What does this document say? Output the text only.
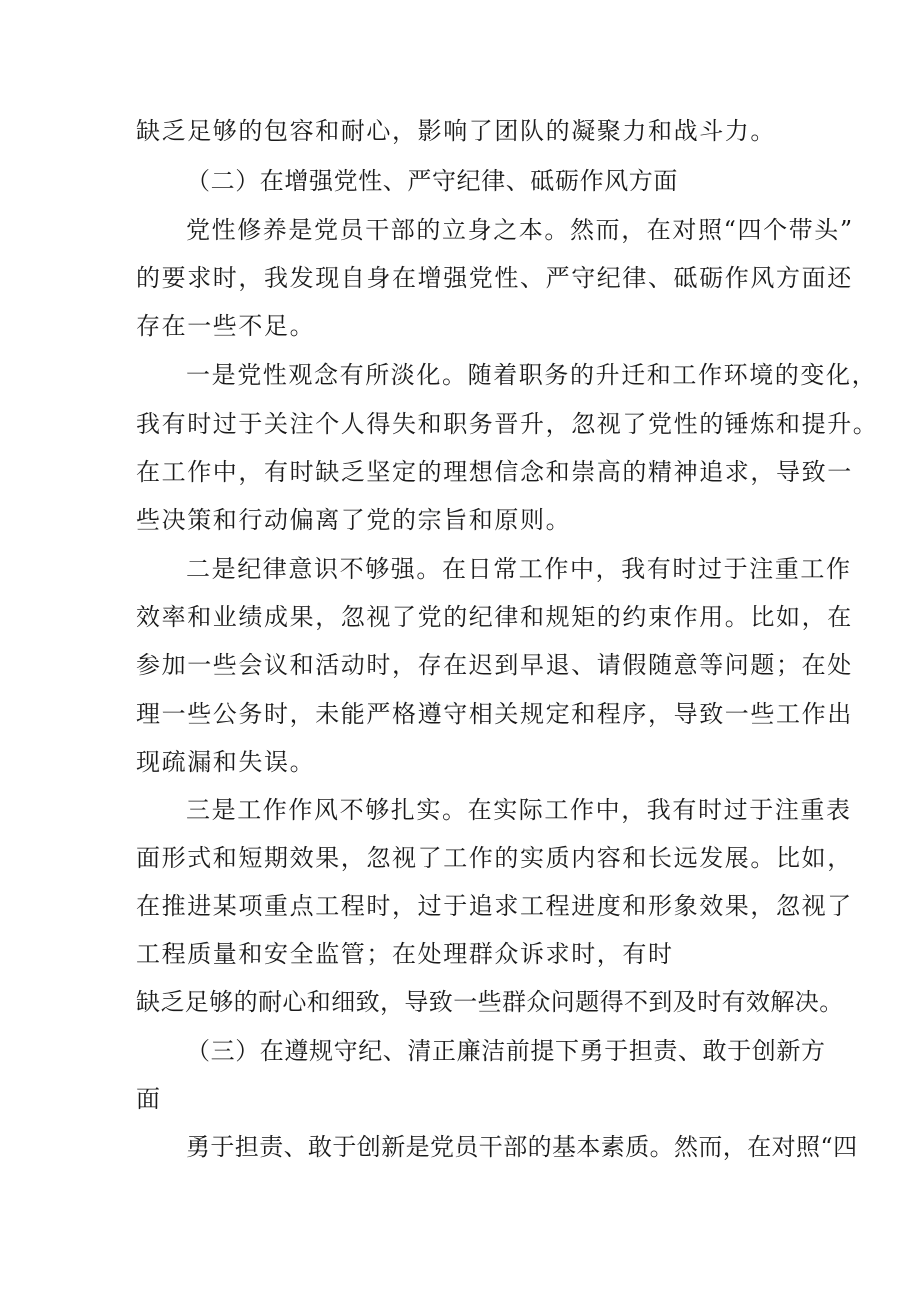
缺乏足够的包容和耐心，影响了团队的凝聚力和战斗力。

（二）在增强党性、严守纪律、砥砺作风方面

党性修养是党员干部的立身之本。然而，在对照“四个带头”

的要求时，我发现自身在增强党性、严守纪律、砥砺作风方面还

存在一些不足。

一是党性观念有所淡化。随着职务的升迁和工作环境的变化，

我有时过于关注个人得失和职务晋升，忽视了党性的锤炼和提升。

在工作中，有时缺乏坚定的理想信念和崇高的精神追求，导致一

些决策和行动偏离了党的宗旨和原则。

二是纪律意识不够强。在日常工作中，我有时过于注重工作

效率和业绩成果，忽视了党的纪律和规矩的约束作用。比如，在

参加一些会议和活动时，存在迟到早退、请假随意等问题；在处

理一些公务时，未能严格遵守相关规定和程序，导致一些工作出

现疏漏和失误。

三是工作作风不够扎实。在实际工作中，我有时过于注重表

面形式和短期效果，忽视了工作的实质内容和长远发展。比如，

在推进某项重点工程时，过于追求工程进度和形象效果，忽视了

工程质量和安全监管；在处理群众诉求时，有时

缺乏足够的耐心和细致，导致一些群众问题得不到及时有效解决。

（三）在遵规守纪、清正廉洁前提下勇于担责、敢于创新方

面

勇于担责、敢于创新是党员干部的基本素质。然而，在对照“四
